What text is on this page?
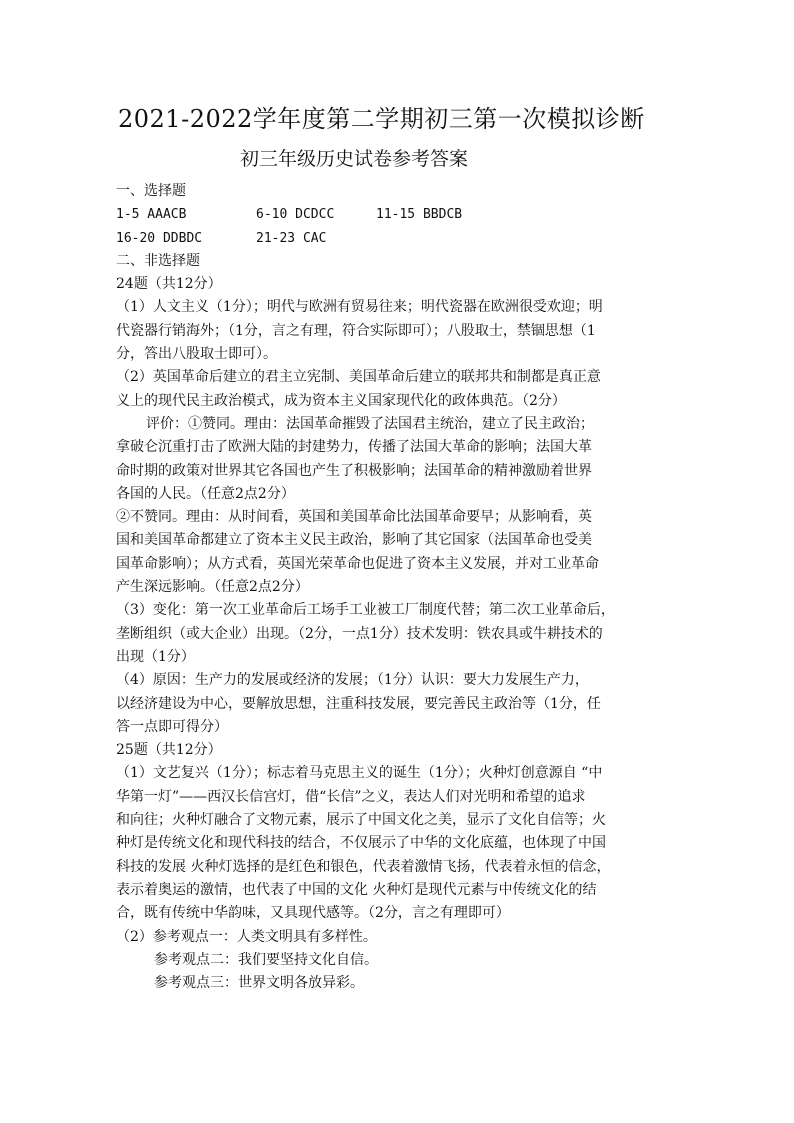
2021-2022学年度第二学期初三第一次模拟诊断
初三年级历史试卷参考答案
一、选择题
1-5 AAACB	6-10 DCDCC	11-15 BBDCB
16-20 DDBDC	21-23 CAC
二、非选择题
24题（共12分）
（1）人文主义（1分）；明代与欧洲有贸易往来；明代瓷器在欧洲很受欢迎；明
代瓷器行销海外；（1分，言之有理，符合实际即可）；八股取士，禁锢思想（1
分，答出八股取士即可）。
（2）英国革命后建立的君主立宪制、美国革命后建立的联邦共和制都是真正意
义上的现代民主政治模式，成为资本主义国家现代化的政体典范。（2分）
评价：①赞同。理由：法国革命摧毁了法国君主统治，建立了民主政治；
拿破仑沉重打击了欧洲大陆的封建势力，传播了法国大革命的影响；法国大革
命时期的政策对世界其它各国也产生了积极影响；法国革命的精神激励着世界
各国的人民。（任意2点2分）
②不赞同。理由：从时间看，英国和美国革命比法国革命要早；从影响看，英
国和美国革命都建立了资本主义民主政治，影响了其它国家（法国革命也受美
国革命影响）；从方式看，英国光荣革命也促进了资本主义发展，并对工业革命
产生深远影响。（任意2点2分）
（3）变化：第一次工业革命后工场手工业被工厂制度代替；第二次工业革命后，
垄断组织（或大企业）出现。（2分，一点1分）技术发明：铁农具或牛耕技术的
出现（1分）
（4）原因：生产力的发展或经济的发展；（1分）认识：要大力发展生产力，
以经济建设为中心，要解放思想，注重科技发展，要完善民主政治等（1分，任
答一点即可得分）
25题（共12分）
（1）文艺复兴（1分）；标志着马克思主义的诞生（1分）；火种灯创意源自 “中
华第一灯”——西汉长信宫灯，借“长信”之义，表达人们对光明和希望的追求
和向往；火种灯融合了文物元素，展示了中国文化之美，显示了文化自信等；火
种灯是传统文化和现代科技的结合，不仅展示了中华的文化底蕴，也体现了中国
科技的发展 火种灯选择的是红色和银色，代表着激情飞扬，代表着永恒的信念，
表示着奥运的激情，也代表了中国的文化 火种灯是现代元素与中传统文化的结
合，既有传统中华韵味，又具现代感等。（2分，言之有理即可）
（2）参考观点一：人类文明具有多样性。
参考观点二：我们要坚持文化自信。
参考观点三：世界文明各放异彩。
